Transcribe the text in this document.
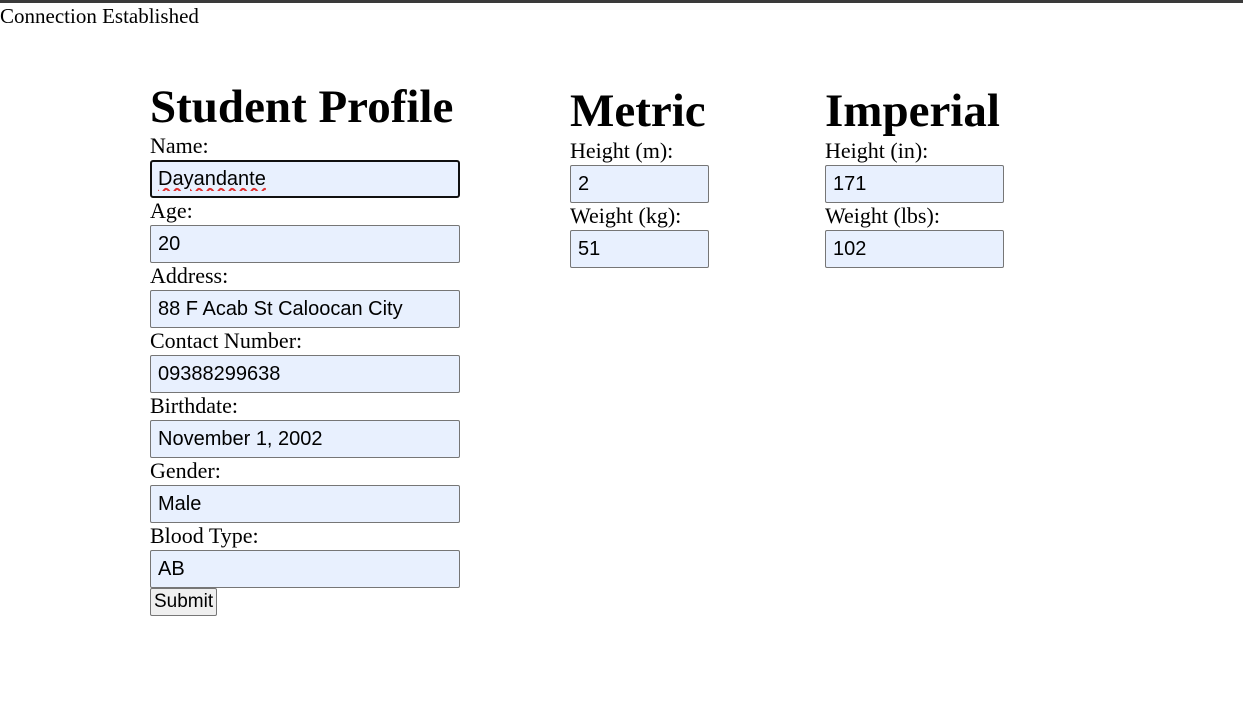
Connection Established
Student Profile
Name:
Dayandante
Age:
20
Address:
88 F Acab St Caloocan City
Contact Number:
09388299638
Birthdate:
November 1, 2002
Gender:
Male
Blood Type:
AB
Submit
Metric
Height (m):
2
Weight (kg):
51
Imperial
Height (in):
171
Weight (lbs):
102
